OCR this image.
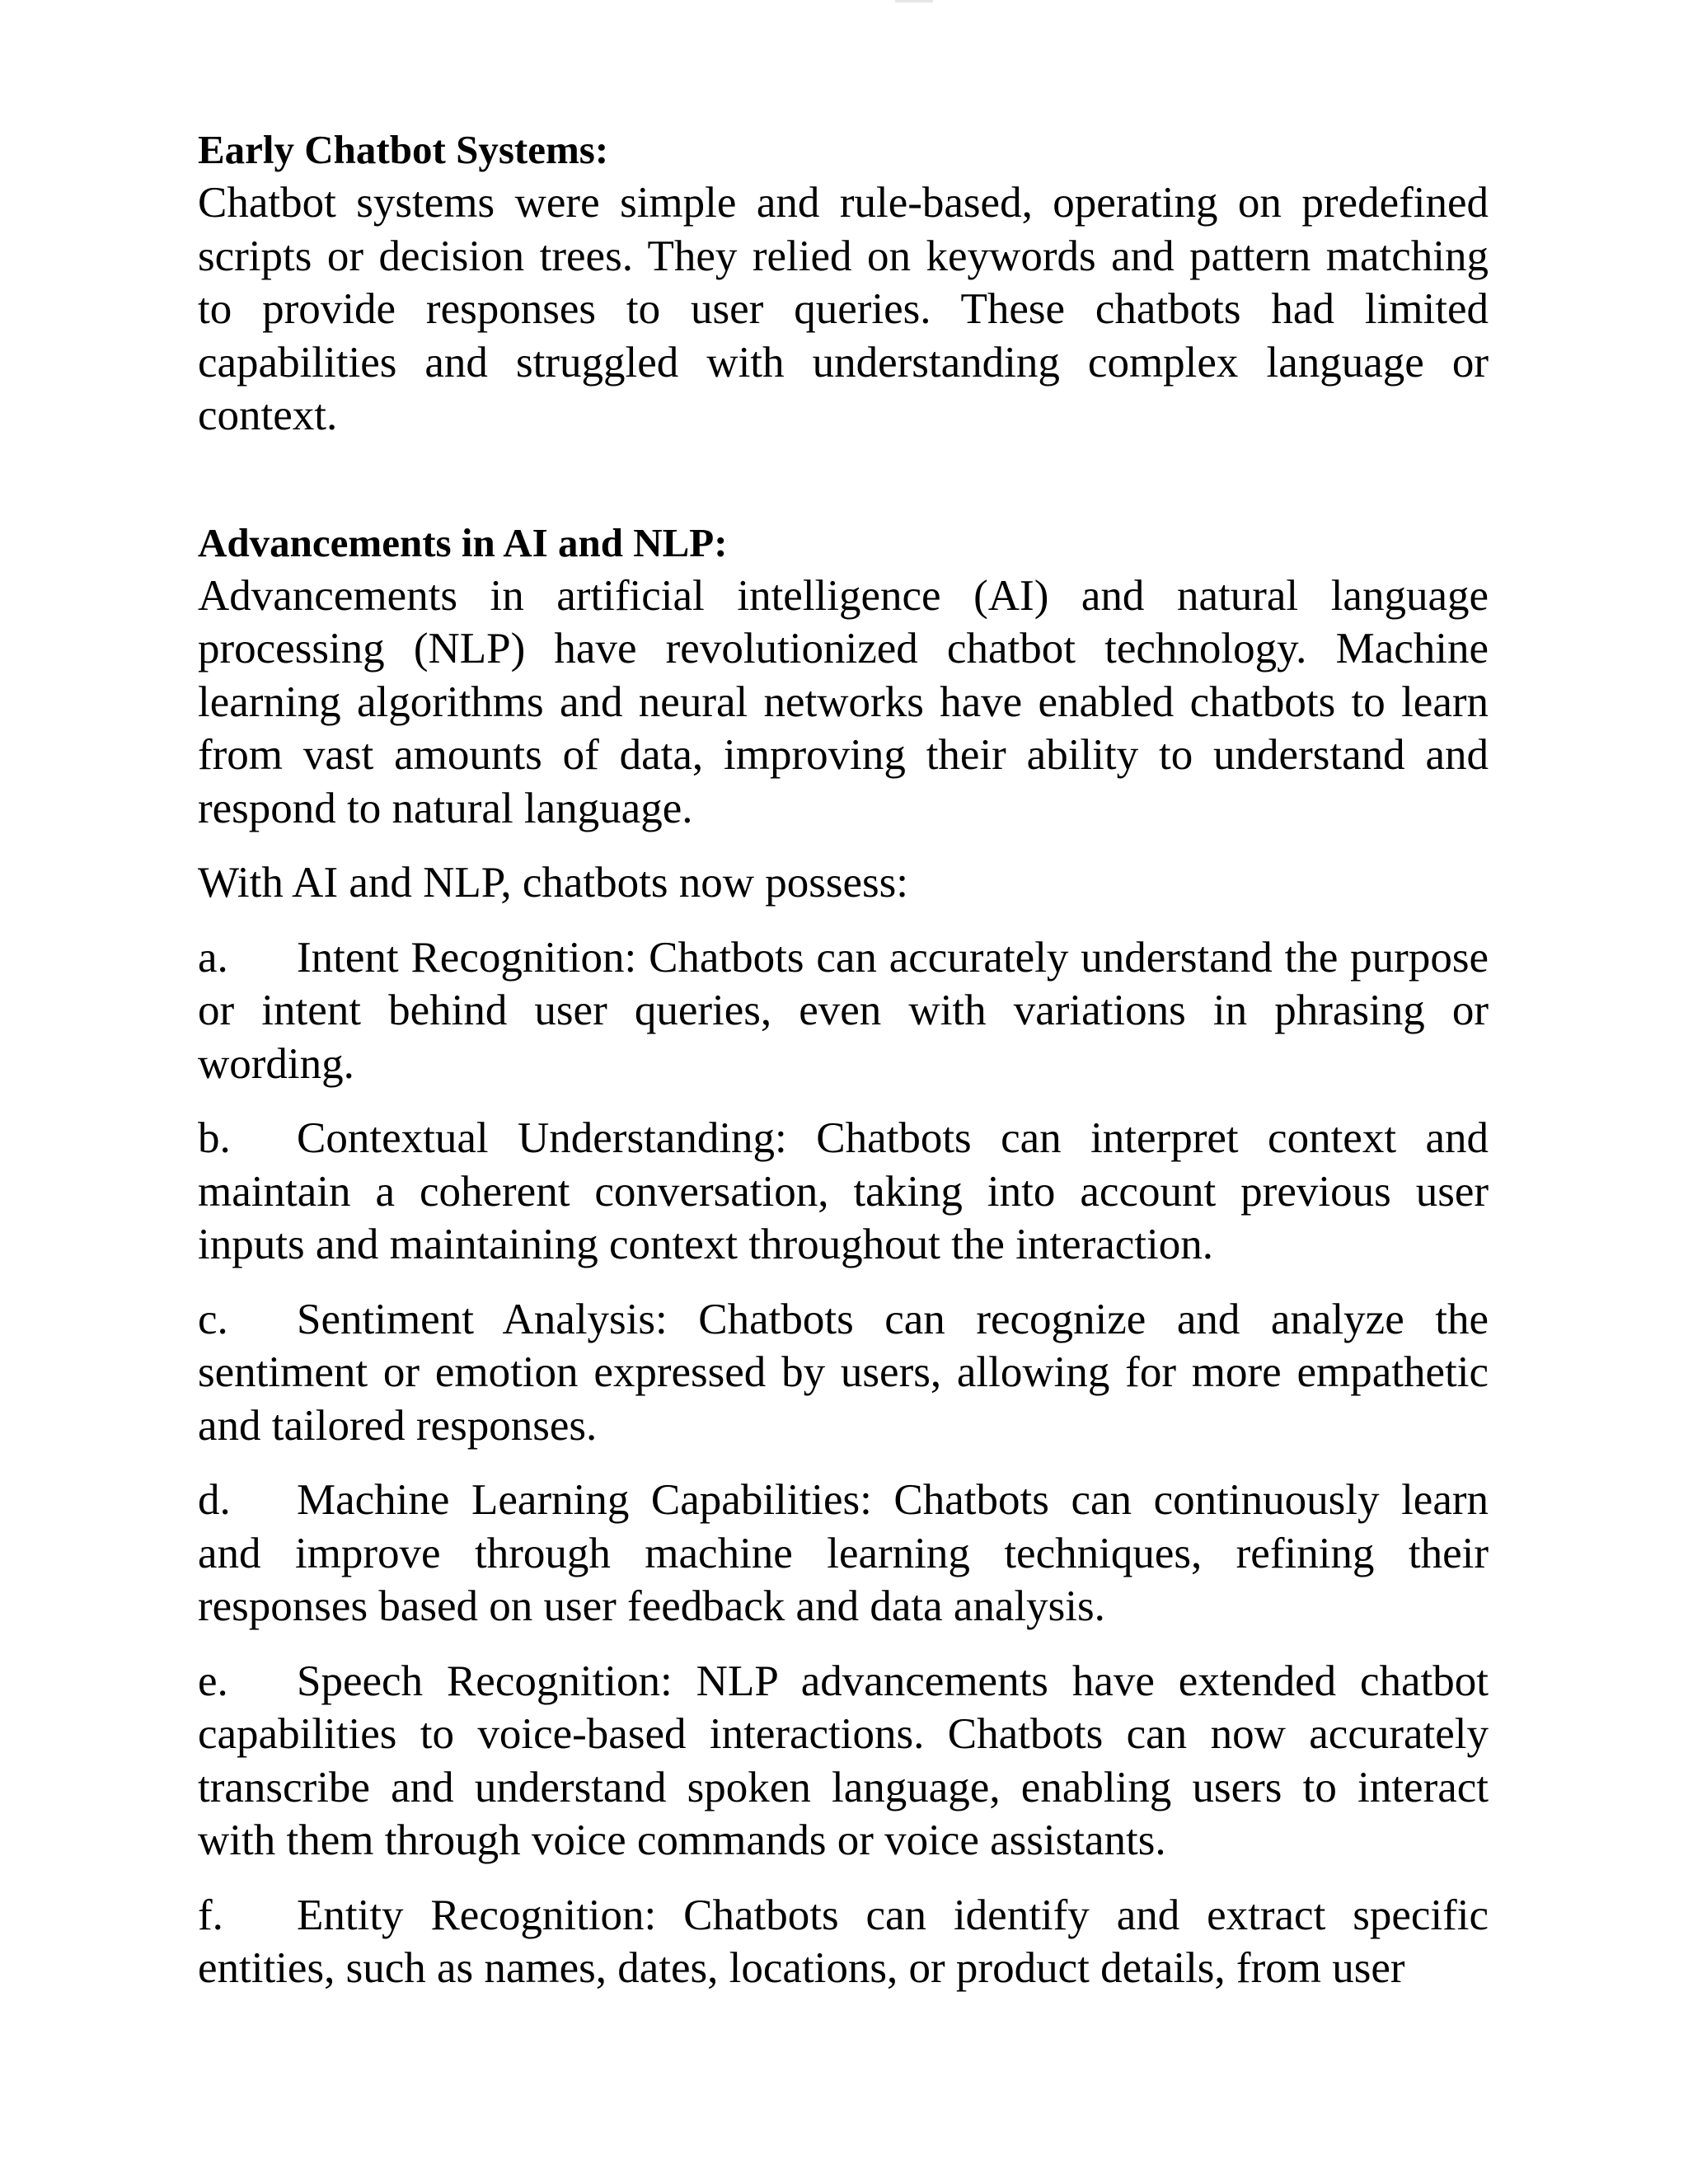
Early Chatbot Systems:

Chatbot systems were simple and rule-based, operating on predefined scripts or decision trees. They relied on keywords and pattern matching to provide responses to user queries. These chatbots had limited capabilities and struggled with understanding complex language or context.

Advancements in AI and NLP:

Advancements in artificial intelligence (AI) and natural language processing (NLP) have revolutionized chatbot technology. Machine learning algorithms and neural networks have enabled chatbots to learn from vast amounts of data, improving their ability to understand and respond to natural language.

With AI and NLP, chatbots now possess:

a. Intent Recognition: Chatbots can accurately understand the purpose or intent behind user queries, even with variations in phrasing or wording.

b. Contextual Understanding: Chatbots can interpret context and maintain a coherent conversation, taking into account previous user inputs and maintaining context throughout the interaction.

c. Sentiment Analysis: Chatbots can recognize and analyze the sentiment or emotion expressed by users, allowing for more empathetic and tailored responses.

d. Machine Learning Capabilities: Chatbots can continuously learn and improve through machine learning techniques, refining their responses based on user feedback and data analysis.

e. Speech Recognition: NLP advancements have extended chatbot capabilities to voice-based interactions. Chatbots can now accurately transcribe and understand spoken language, enabling users to interact with them through voice commands or voice assistants.

f. Entity Recognition: Chatbots can identify and extract specific entities, such as names, dates, locations, or product details, from user
